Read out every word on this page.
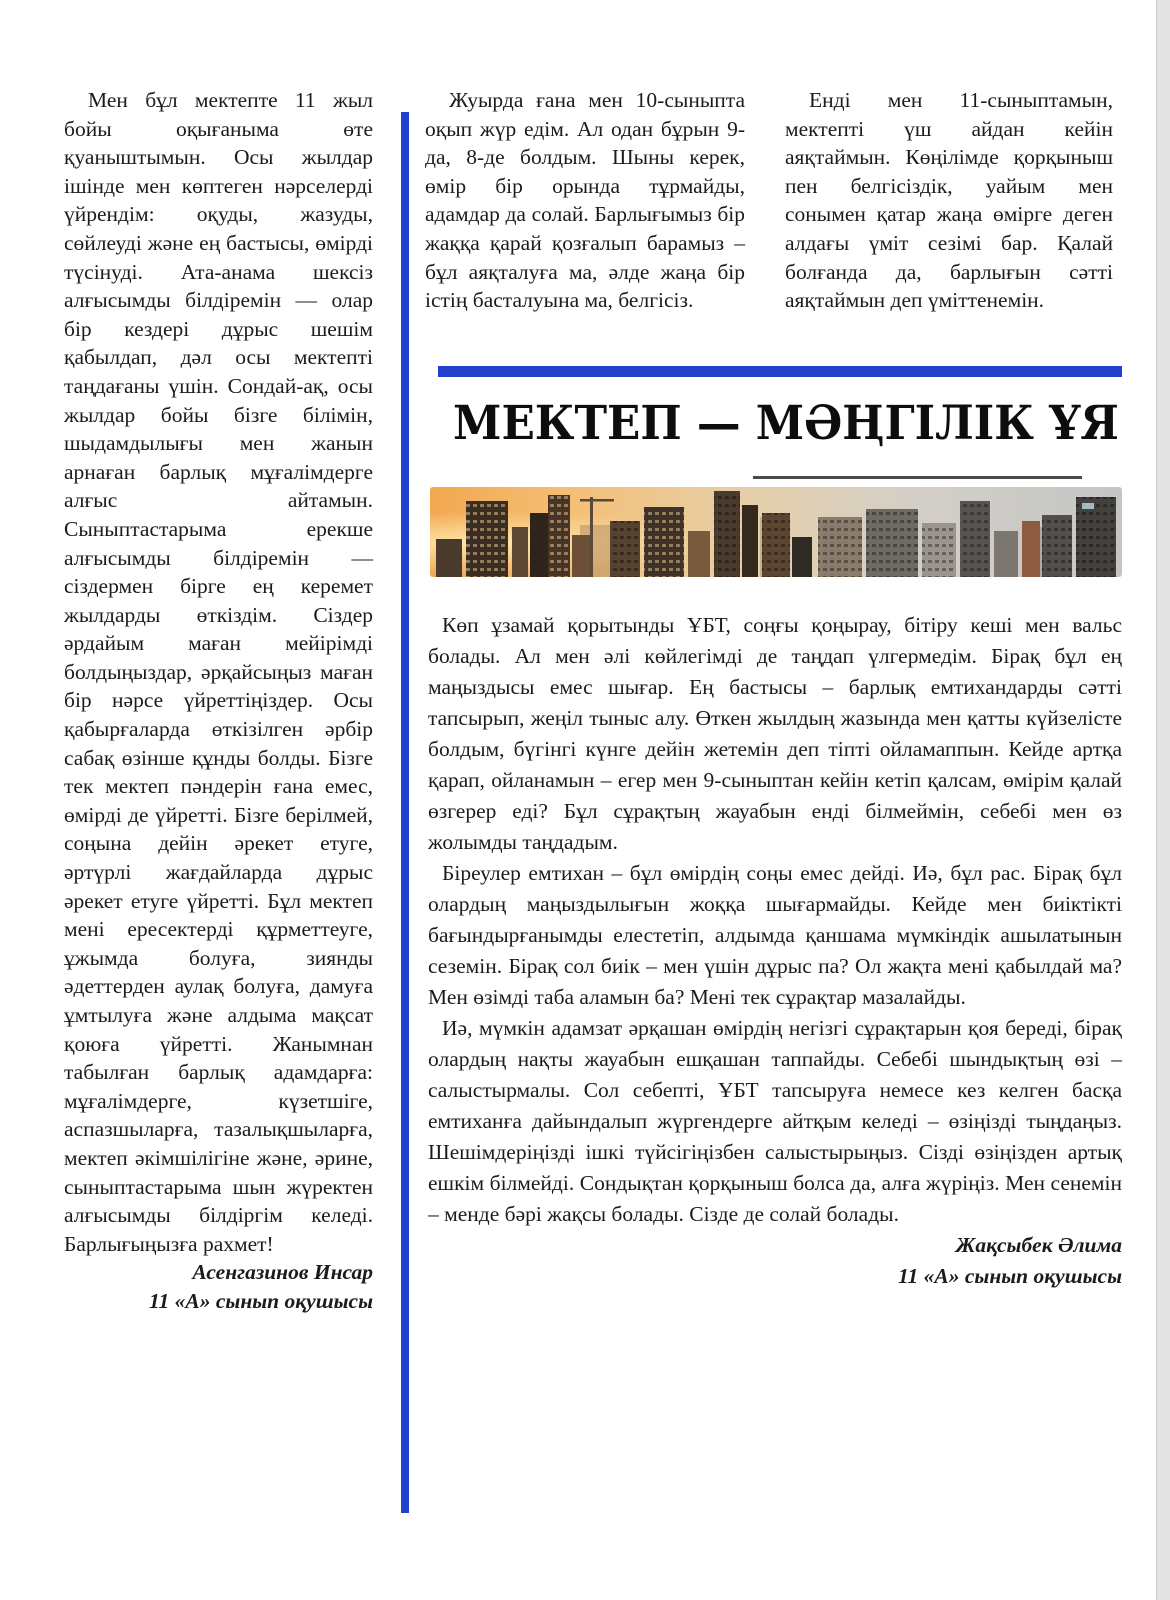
Мен бұл мектепте 11 жыл бойы оқығаныма өте қуаныштымын. Осы жылдар ішінде мен көптеген нәрселерді үйрендім: оқуды, жазуды, сөйлеуді және ең бастысы, өмірді түсінуді. Ата-анама шексіз алғысымды білдіремін — олар бір кездері дұрыс шешім қабылдап, дәл осы мектепті таңдағаны үшін. Сондай-ақ, осы жылдар бойы бізге білімін, шыдамдылығы мен жанын арнаған барлық мұғалімдерге алғыс айтамын. Сыныптастарыма ерекше алғысымды білдіремін — сіздермен бірге ең керемет жылдарды өткіздім. Сіздер әрдайым маған мейірімді болдыңыздар, әрқайсыңыз маған бір нәрсе үйреттіңіздер. Осы қабырғаларда өткізілген әрбір сабақ өзінше құнды болды. Бізге тек мектеп пәндерін ғана емес, өмірді де үйретті. Бізге берілмей, соңына дейін әрекет етуге, әртүрлі жағдайларда дұрыс әрекет етуге үйретті. Бұл мектеп мені ересектерді құрметтеуге, ұжымда болуға, зиянды әдеттерден аулақ болуға, дамуға ұмтылуға және алдыма мақсат қоюға үйретті. Жанымнан табылған барлық адамдарға: мұғалімдерге, күзетшіге, аспазшыларға, тазалықшыларға, мектеп әкімшілігіне және, әрине, сыныптастарыма шын жүректен алғысымды білдіргім келеді. Барлығыңызға рахмет!

Асенгазинов Инсар
11 «А» сынып оқушысы

Жуырда ғана мен 10-сыныпта оқып жүр едім. Ал одан бұрын 9-да, 8-де болдым. Шыны керек, өмір бір орында тұрмайды, адамдар да солай. Барлығымыз бір жаққа қарай қозғалып барамыз – бұл аяқталуға ма, әлде жаңа бір істің басталуына ма, белгісіз.

Енді мен 11-сыныптамын, мектепті үш айдан кейін аяқтаймын. Көңілімде қорқыныш пен белгісіздік, уайым мен сонымен қатар жаңа өмірге деген алдағы үміт сезімі бар. Қалай болғанда да, барлығын сәтті аяқтаймын деп үміттенемін.

МЕКТЕП — МӘҢГІЛІК ҰЯ

Көп ұзамай қорытынды ҰБТ, соңғы қоңырау, бітіру кеші мен вальс болады. Ал мен әлі көйлегімді де таңдап үлгермедім. Бірақ бұл ең маңыздысы емес шығар. Ең бастысы – барлық емтихандарды сәтті тапсырып, жеңіл тыныс алу. Өткен жылдың жазында мен қатты күйзелісте болдым, бүгінгі күнге дейін жетемін деп тіпті ойламаппын. Кейде артқа қарап, ойланамын – егер мен 9-сыныптан кейін кетіп қалсам, өмірім қалай өзгерер еді? Бұл сұрақтың жауабын енді білмеймін, себебі мен өз жолымды таңдадым.

Біреулер емтихан – бұл өмірдің соңы емес дейді. Иә, бұл рас. Бірақ бұл олардың маңыздылығын жоққа шығармайды. Кейде мен биіктікті бағындырғанымды елестетіп, алдымда қаншама мүмкіндік ашылатынын сеземін. Бірақ сол биік – мен үшін дұрыс па? Ол жақта мені қабылдай ма? Мен өзімді таба аламын ба? Мені тек сұрақтар мазалайды.

Иә, мүмкін адамзат әрқашан өмірдің негізгі сұрақтарын қоя береді, бірақ олардың нақты жауабын ешқашан таппайды. Себебі шындықтың өзі – салыстырмалы. Сол себепті, ҰБТ тапсыруға немесе кез келген басқа емтиханға дайындалып жүргендерге айтқым келеді – өзіңізді тыңдаңыз. Шешімдеріңізді ішкі түйсігіңізбен салыстырыңыз. Сізді өзіңізден артық ешкім білмейді. Сондықтан қорқыныш болса да, алға жүріңіз. Мен сенемін – менде бәрі жақсы болады. Сізде де солай болады.

Жақсыбек Әлима
11 «А» сынып оқушысы
